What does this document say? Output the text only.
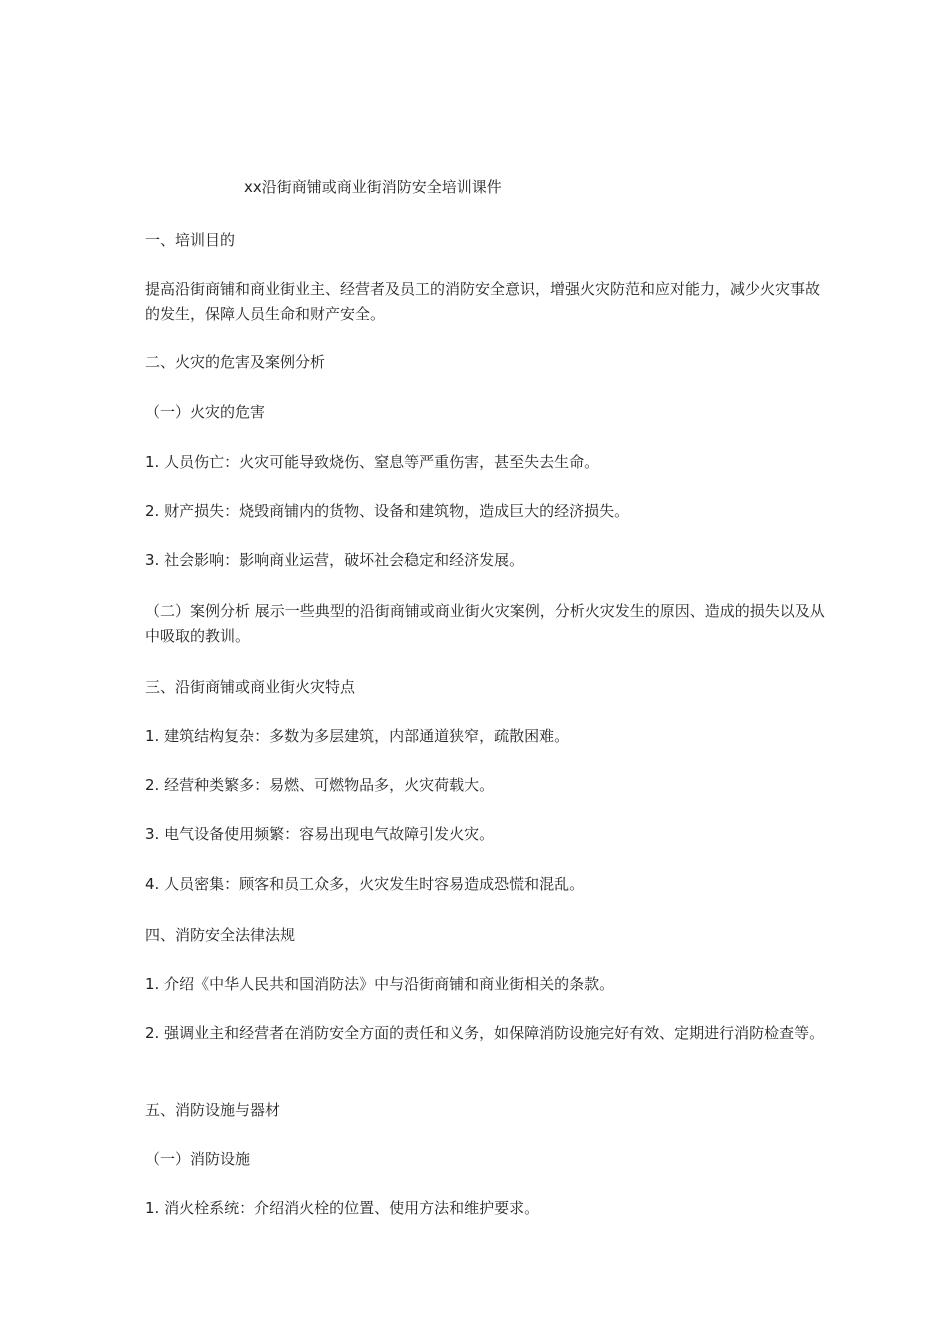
xx沿街商铺或商业街消防安全培训课件

一、培训目的

提高沿街商铺和商业街业主、经营者及员工的消防安全意识，增强火灾防范和应对能力，减少火灾事故的发生，保障人员生命和财产安全。

二、火灾的危害及案例分析

（一）火灾的危害

1. 人员伤亡：火灾可能导致烧伤、窒息等严重伤害，甚至失去生命。

2. 财产损失：烧毁商铺内的货物、设备和建筑物，造成巨大的经济损失。

3. 社会影响：影响商业运营，破坏社会稳定和经济发展。

（二）案例分析 展示一些典型的沿街商铺或商业街火灾案例，分析火灾发生的原因、造成的损失以及从中吸取的教训。

三、沿街商铺或商业街火灾特点

1. 建筑结构复杂：多数为多层建筑，内部通道狭窄，疏散困难。

2. 经营种类繁多：易燃、可燃物品多，火灾荷载大。

3. 电气设备使用频繁：容易出现电气故障引发火灾。

4. 人员密集：顾客和员工众多，火灾发生时容易造成恐慌和混乱。

四、消防安全法律法规

1. 介绍《中华人民共和国消防法》中与沿街商铺和商业街相关的条款。

2. 强调业主和经营者在消防安全方面的责任和义务，如保障消防设施完好有效、定期进行消防检查等。

五、消防设施与器材

（一）消防设施

1. 消火栓系统：介绍消火栓的位置、使用方法和维护要求。
